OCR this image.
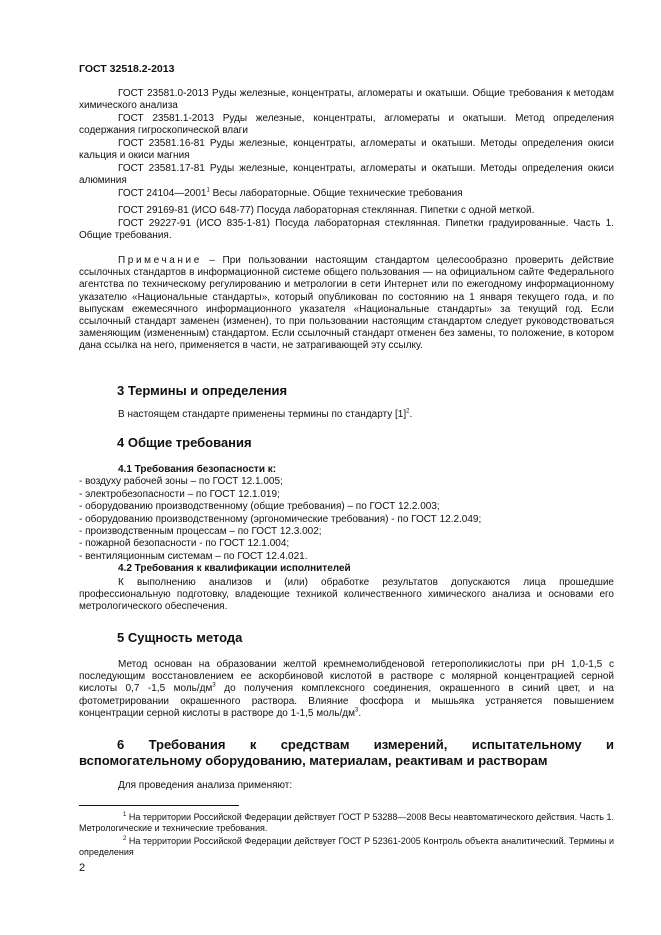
ГОСТ 32518.2-2013
ГОСТ 23581.0-2013 Руды железные, концентраты, агломераты и окатыши. Общие требования к методам химического анализа
ГОСТ 23581.1-2013 Руды железные, концентраты, агломераты и окатыши. Метод определения содержания гигроскопической влаги
ГОСТ 23581.16-81 Руды железные, концентраты, агломераты и окатыши. Методы определения окиси кальция и окиси магния
ГОСТ 23581.17-81 Руды железные, концентраты, агломераты и окатыши. Методы определения окиси алюминия
ГОСТ 24104—2001$^1$ Весы лабораторные. Общие технические требования
ГОСТ 29169-81 (ИСО 648-77) Посуда лабораторная стеклянная. Пипетки с одной меткой.
ГОСТ 29227-91 (ИСО 835-1-81) Посуда лабораторная стеклянная. Пипетки градуированные. Часть 1. Общие требования.
Примечание – При пользовании настоящим стандартом целесообразно проверить действие ссылочных стандартов в информационной системе общего пользования — на официальном сайте Федерального агентства по техническому регулированию и метрологии в сети Интернет или по ежегодному информационному указателю «Национальные стандарты», который опубликован по состоянию на 1 января текущего года, и по выпускам ежемесячного информационного указателя «Национальные стандарты» за текущий год. Если ссылочный стандарт заменен (изменен), то при пользовании настоящим стандартом следует руководствоваться заменяющим (измененным) стандартом. Если ссылочный стандарт отменен без замены, то положение, в котором дана ссылка на него, применяется в части, не затрагивающей эту ссылку.
3 Термины и определения
В настоящем стандарте применены термины по стандарту $[1]^2$.
4 Общие требования
4.1 Требования безопасности к:
- воздуху рабочей зоны – по ГОСТ 12.1.005;
- электробезопасности – по ГОСТ 12.1.019;
- оборудованию производственному (общие требования) – по ГОСТ 12.2.003;
- оборудованию производственному (эргономические требования) - по ГОСТ 12.2.049;
- производственным процессам – по ГОСТ 12.3.002;
- пожарной безопасности - по ГОСТ 12.1.004;
- вентиляционным системам – по ГОСТ 12.4.021.
4.2 Требования к квалификации исполнителей
К выполнению анализов и (или) обработке результатов допускаются лица прошедшие профессиональную подготовку, владеющие техникой количественного химического анализа и основами его метрологического обеспечения.
5 Сущность метода
Метод основан на образовании желтой кремнемолибденовой гетерополикислоты при pH 1,0-1,5 с последующим восстановлением ее аскорбиновой кислотой в растворе с молярной концентрацией серной кислоты 0,7 -1,5 моль/$дм^3$ до получения комплексного соединения, окрашенного в синий цвет, и на фотометрировании окрашенного раствора. Влияние фосфора и мышьяка устраняется повышением концентрации серной кислоты в растворе до 1-1,5 моль/$дм^3$.
6 Требования к средствам измерений, испытательному и
вспомогательному оборудованию, материалам, реактивам и растворам
Для проведения анализа применяют:
$^1$ На территории Российской Федерации действует ГОСТ Р 53288—2008 Весы неавтоматического действия. Часть 1. Метрологические и технические требования.
$^2$ На территории Российской Федерации действует ГОСТ Р 52361-2005 Контроль объекта аналитический. Термины и определения
2
